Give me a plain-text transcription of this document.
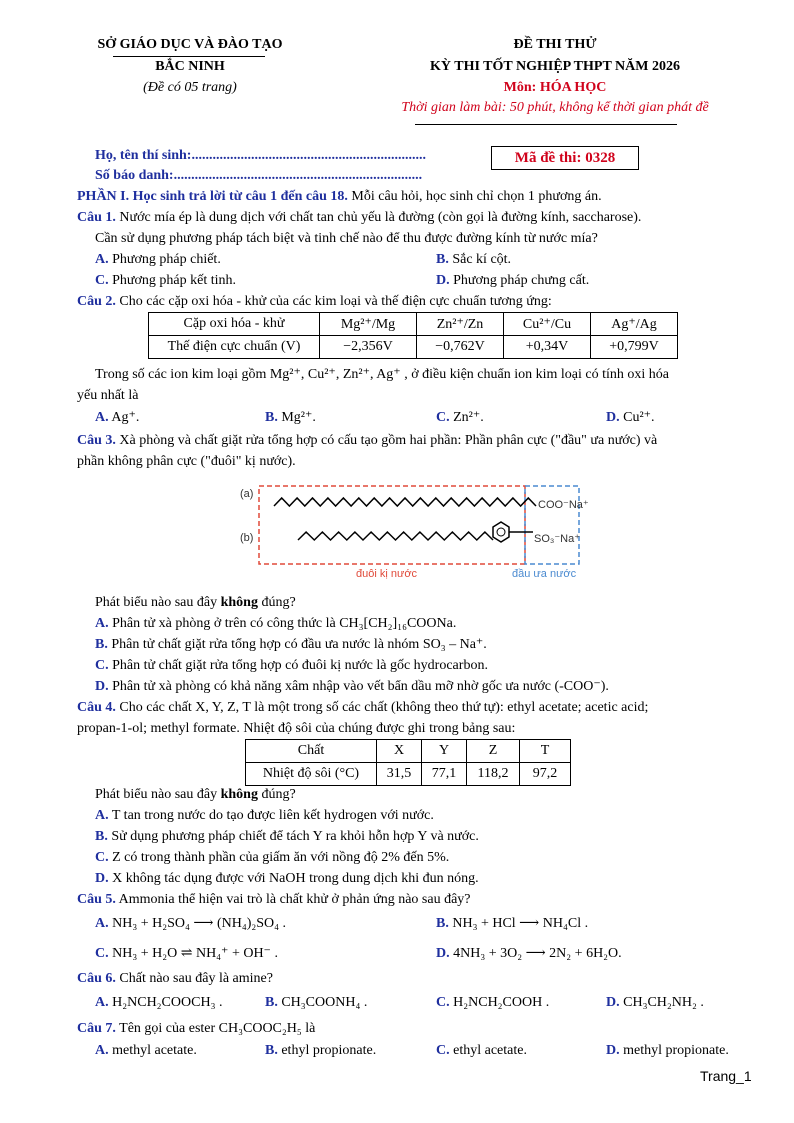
SỞ GIÁO DỤC VÀ ĐÀO TẠO
BẮC NINH
(Đề có 05 trang)
ĐỀ THI THỬ
KỲ THI TỐT NGHIỆP THPT NĂM 2026
Môn: HÓA HỌC
Thời gian làm bài: 50 phút, không kể thời gian phát đề
Họ, tên thí sinh:...................................................................
Số báo danh:.......................................................................
Mã đề thi: 0328
PHẦN I. Học sinh trả lời từ câu 1 đến câu 18. Mỗi câu hỏi, học sinh chỉ chọn 1 phương án.
Câu 1. Nước mía ép là dung dịch với chất tan chủ yếu là đường (còn gọi là đường kính, saccharose).
Cần sử dụng phương pháp tách biệt và tinh chế nào để thu được đường kính từ nước mía?
A. Phương pháp chiết.	B. Sắc kí cột.
C. Phương pháp kết tinh.	D. Phương pháp chưng cất.
Câu 2. Cho các cặp oxi hóa - khử của các kim loại và thế điện cực chuẩn tương ứng:
Cặp oxi hóa - khử	Mg²⁺/Mg	Zn²⁺/Zn	Cu²⁺/Cu	Ag⁺/Ag
Thế điện cực chuẩn (V)	−2,356V	−0,762V	+0,34V	+0,799V
Trong số các ion kim loại gồm Mg²⁺, Cu²⁺, Zn²⁺, Ag⁺ , ở điều kiện chuẩn ion kim loại có tính oxi hóa
yếu nhất là
A. Ag⁺.	B. Mg²⁺.	C. Zn²⁺.	D. Cu²⁺.
Câu 3. Xà phòng và chất giặt rửa tổng hợp có cấu tạo gồm hai phần: Phần phân cực ("đầu" ưa nước) và
phần không phân cực ("đuôi" kị nước).
(a)
(b)
COO⁻Na⁺
SO₃⁻Na⁺
đuôi kị nước	đầu ưa nước
Phát biểu nào sau đây không đúng?
A. Phân tử xà phòng ở trên có công thức là CH₃[CH₂]₁₆COONa.
B. Phân tử chất giặt rửa tổng hợp có đầu ưa nước là nhóm SO₃ – Na⁺.
C. Phân tử chất giặt rửa tổng hợp có đuôi kị nước là gốc hydrocarbon.
D. Phân tử xà phòng có khả năng xâm nhập vào vết bẩn dầu mỡ nhờ gốc ưa nước (-COO⁻).
Câu 4. Cho các chất X, Y, Z, T là một trong số các chất (không theo thứ tự): ethyl acetate; acetic acid;
propan-1-ol; methyl formate. Nhiệt độ sôi của chúng được ghi trong bảng sau:
Chất	X	Y	Z	T
Nhiệt độ sôi (°C)	31,5	77,1	118,2	97,2
Phát biểu nào sau đây không đúng?
A. T tan trong nước do tạo được liên kết hydrogen với nước.
B. Sử dụng phương pháp chiết để tách Y ra khỏi hỗn hợp Y và nước.
C. Z có trong thành phần của giấm ăn với nồng độ 2% đến 5%.
D. X không tác dụng được với NaOH trong dung dịch khi đun nóng.
Câu 5. Ammonia thể hiện vai trò là chất khử ở phản ứng nào sau đây?
A. NH₃ + H₂SO₄ ⟶ (NH₄)₂SO₄ .	B. NH₃ + HCl ⟶ NH₄Cl .
C. NH₃ + H₂O ⇌ NH₄⁺ + OH⁻ .	D. 4NH₃ + 3O₂ ⟶ 2N₂ + 6H₂O.
Câu 6. Chất nào sau đây là amine?
A. H₂NCH₂COOCH₃ .	B. CH₃COONH₄ .	C. H₂NCH₂COOH .	D. CH₃CH₂NH₂ .
Câu 7. Tên gọi của ester CH₃COOC₂H₅ là
A. methyl acetate.	B. ethyl propionate.	C. ethyl acetate.	D. methyl propionate.
Trang_1
